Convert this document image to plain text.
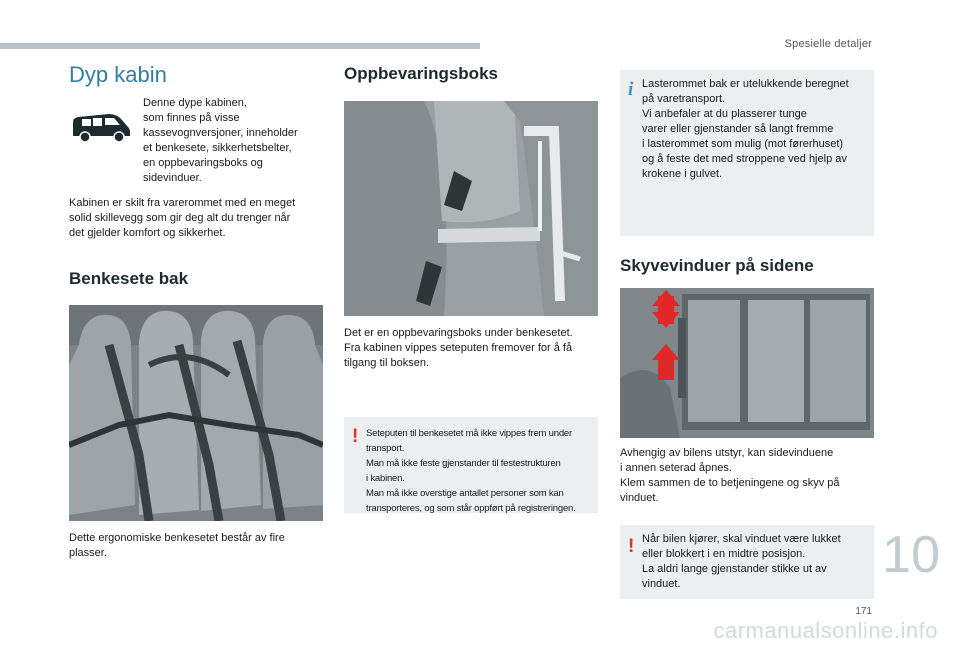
Spesielle detaljer
Dyp kabin
Denne dype kabinen,
som finnes på visse
kassevognversjoner, inneholder
et benkesete, sikkerhetsbelter,
en oppbevaringsboks og
sidevinduer.
Kabinen er skilt fra varerommet med en meget
solid skillevegg som gir deg alt du trenger når
det gjelder komfort og sikkerhet.
Benkesete bak
Dette ergonomiske benkesetet består av fire
plasser.
Oppbevaringsboks
Det er en oppbevaringsboks under benkesetet.
Fra kabinen vippes seteputen fremover for å få
tilgang til boksen.
! Seteputen til benkesetet må ikke vippes frem under
transport.
Man må ikke feste gjenstander til festestrukturen
i kabinen.
Man må ikke overstige antallet personer som kan
transporteres, og som står oppført på registreringen.
i Lasterommet bak er utelukkende beregnet
på varetransport.
Vi anbefaler at du plasserer tunge
varer eller gjenstander så langt fremme
i lasterommet som mulig (mot førerhuset)
og å feste det med stroppene ved hjelp av
krokene i gulvet.
Skyvevinduer på sidene
Avhengig av bilens utstyr, kan sidevinduene
i annen seterad åpnes.
Klem sammen de to betjeningene og skyv på
vinduet.
! Når bilen kjører, skal vinduet være lukket
eller blokkert i en midtre posisjon.
La aldri lange gjenstander stikke ut av
vinduet.	10
171
carmanualsonline.info
